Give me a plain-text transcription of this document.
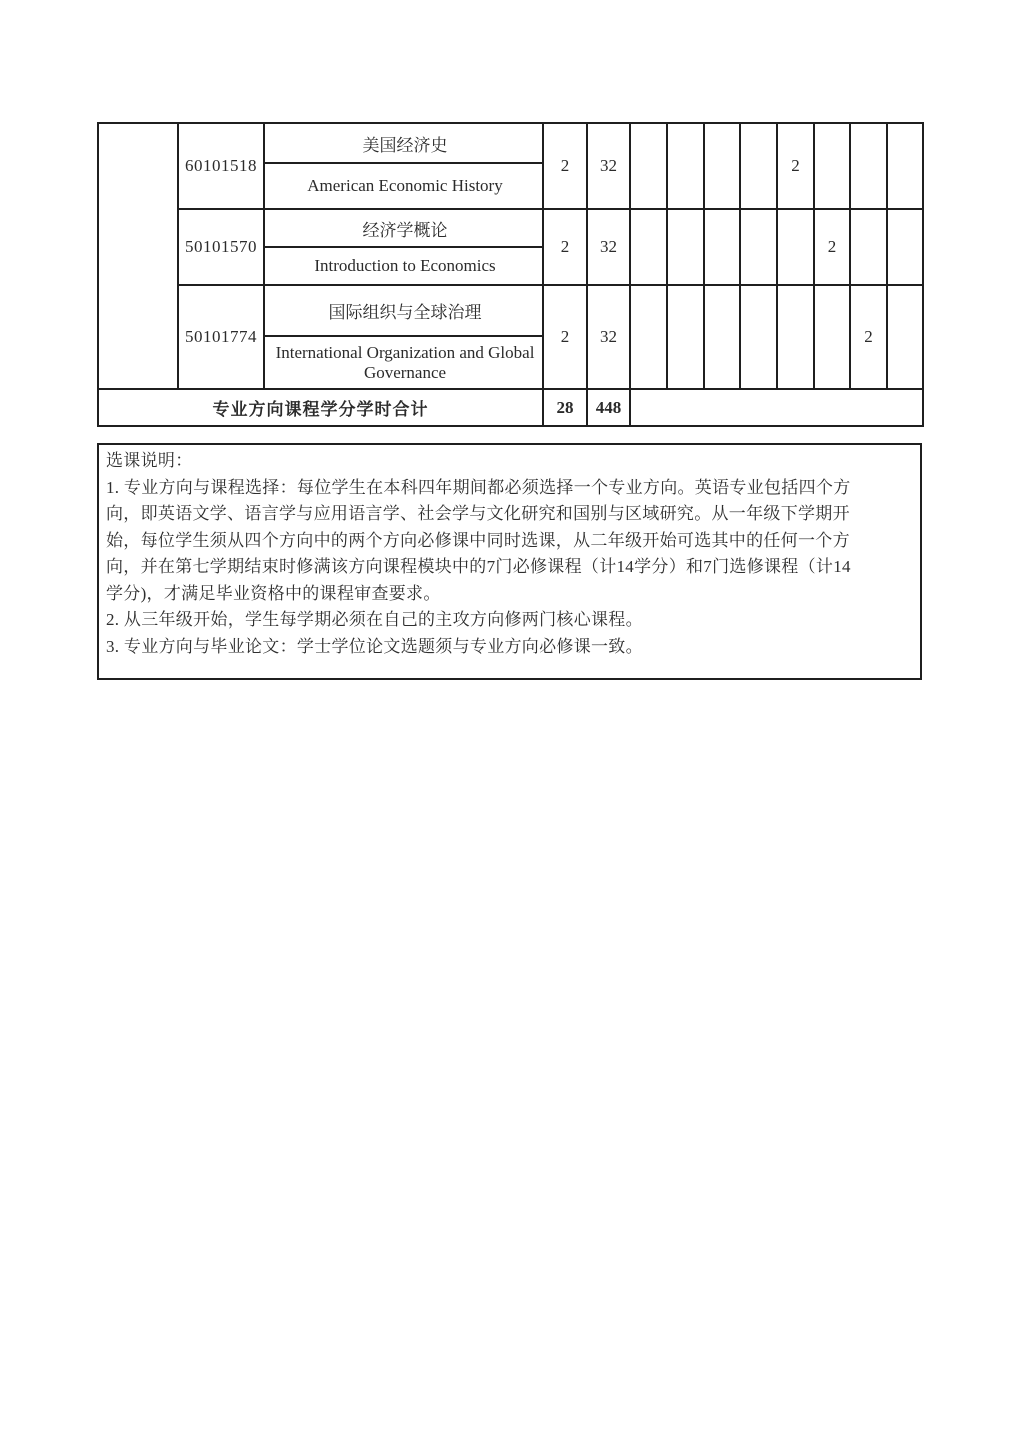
	60101518	美国经济史	2	32					2			
		American Economic History										
	50101570	经济学概论	2	32						2		
		Introduction to Economics										
	50101774	国际组织与全球治理	2	32							2	
		International Organization and Global Governance										
专业方向课程学分学时合计			28	448								
选课说明：
1. 专业方向与课程选择：每位学生在本科四年期间都必须选择一个专业方向。英语专业包括四个方
向，即英语文学、语言学与应用语言学、社会学与文化研究和国别与区域研究。从一年级下学期开
始，每位学生须从四个方向中的两个方向必修课中同时选课，从二年级开始可选其中的任何一个方
向，并在第七学期结束时修满该方向课程模块中的7门必修课程（计14学分）和7门选修课程（计14
学分)，才满足毕业资格中的课程审查要求。
2. 从三年级开始，学生每学期必须在自己的主攻方向修两门核心课程。
3. 专业方向与毕业论文：学士学位论文选题须与专业方向必修课一致。
